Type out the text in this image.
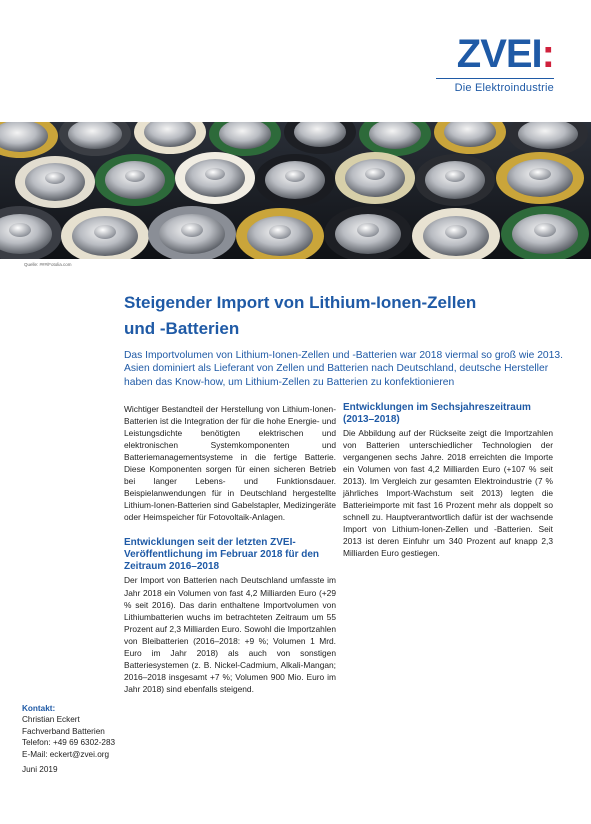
ZVEI:
Die Elektroindustrie
Quelle: ###/Fotolia.com
Steigender Import von Lithium-Ionen-Zellen
und -Batterien
Das Importvolumen von Lithium-Ionen-Zellen und -Batterien war 2018 viermal so groß wie 2013. Asien dominiert als Lieferant von Zellen und Batterien nach Deutschland, deutsche Hersteller haben das Know-how, um Lithium-Zellen zu Batterien zu konfektionieren

Wichtiger Bestandteil der Herstellung von Lithium-Ionen-Batterien ist die Integration der für die hohe Energie- und Leistungsdichte benötigten elektrischen und elektronischen Systemkomponenten und Batteriemanagementsysteme in die fertige Batterie. Diese Komponenten sorgen für einen sicheren Betrieb bei langer Lebens- und Funktionsdauer. Beispielanwendungen für in Deutschland hergestellte Lithium-Ionen-Batterien sind Gabelstapler, Medizingeräte oder Heimspeicher für Fotovoltaik-Anlagen.

Entwicklungen seit der letzten ZVEI-Veröffentlichung im Februar 2018 für den Zeitraum 2016–2018

Der Import von Batterien nach Deutschland umfasste im Jahr 2018 ein Volumen von fast 4,2 Milliarden Euro (+29 % seit 2016). Das darin enthaltene Importvolumen von Lithiumbatterien wuchs im betrachteten Zeitraum um 55 Prozent auf 2,3 Milliarden Euro. Sowohl die Importzahlen von Bleibatterien (2016–2018: +9 %; Volumen 1 Mrd. Euro im Jahr 2018) als auch von sonstigen Batteriesystemen (z. B. Nickel-Cadmium, Alkali-Mangan; 2016–2018 insgesamt +7 %; Volumen 900 Mio. Euro im Jahr 2018) sind ebenfalls steigend.

Entwicklungen im Sechsjahreszeitraum (2013–2018)

Die Abbildung auf der Rückseite zeigt die Importzahlen von Batterien unterschiedlicher Technologien der vergangenen sechs Jahre. 2018 erreichten die Importe ein Volumen von fast 4,2 Milliarden Euro (+107 % seit 2013). Im Vergleich zur gesamten Elektroindustrie (7 % jährliches Import-Wachstum seit 2013) legten die Batterieimporte mit fast 16 Prozent mehr als doppelt so schnell zu. Hauptverantwortlich dafür ist der wachsende Import von Lithium-Ionen-Zellen und -Batterien. Seit 2013 ist deren Einfuhr um 340 Prozent auf knapp 2,3 Milliarden Euro gestiegen.

Kontakt:
Christian Eckert
Fachverband Batterien
Telefon: +49 69 6302-283
E-Mail: eckert@zvei.org
Juni 2019
